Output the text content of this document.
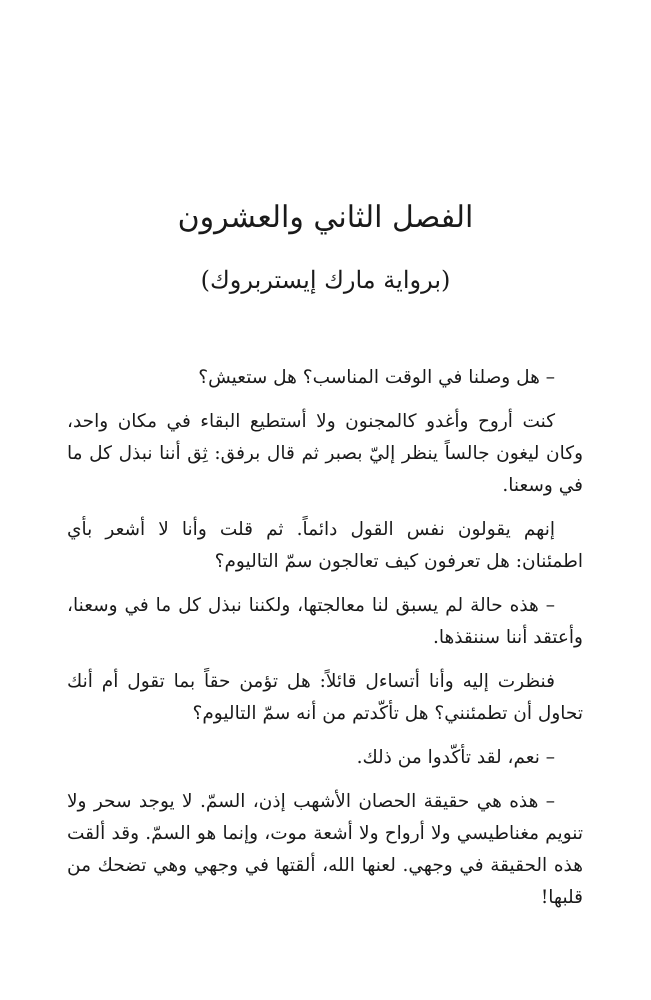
الفصل الثاني والعشرون
(برواية مارك إيستربروك)

– هل وصلنا في الوقت المناسب؟ هل ستعيش؟

كنت أروح وأغدو كالمجنون ولا أستطيع البقاء في مكان واحد، وكان ليغون جالساً ينظر إليّ بصبر ثم قال برفق: ثِق أننا نبذل كل ما في وسعنا.

إنهم يقولون نفس القول دائماً. ثم قلت وأنا لا أشعر بأي اطمئنان: هل تعرفون كيف تعالجون سمّ التاليوم؟

– هذه حالة لم يسبق لنا معالجتها، ولكننا نبذل كل ما في وسعنا، وأعتقد أننا سننقذها.

فنظرت إليه وأنا أتساءل قائلاً: هل تؤمن حقاً بما تقول أم أنك تحاول أن تطمئنني؟ هل تأكّدتم من أنه سمّ التاليوم؟

– نعم، لقد تأكّدوا من ذلك.

– هذه هي حقيقة الحصان الأشهب إذن، السمّ. لا يوجد سحر ولا تنويم مغناطيسي ولا أرواح ولا أشعة موت، وإنما هو السمّ. وقد ألقت هذه الحقيقة في وجهي. لعنها الله، ألقتها في وجهي وهي تضحك من قلبها!
